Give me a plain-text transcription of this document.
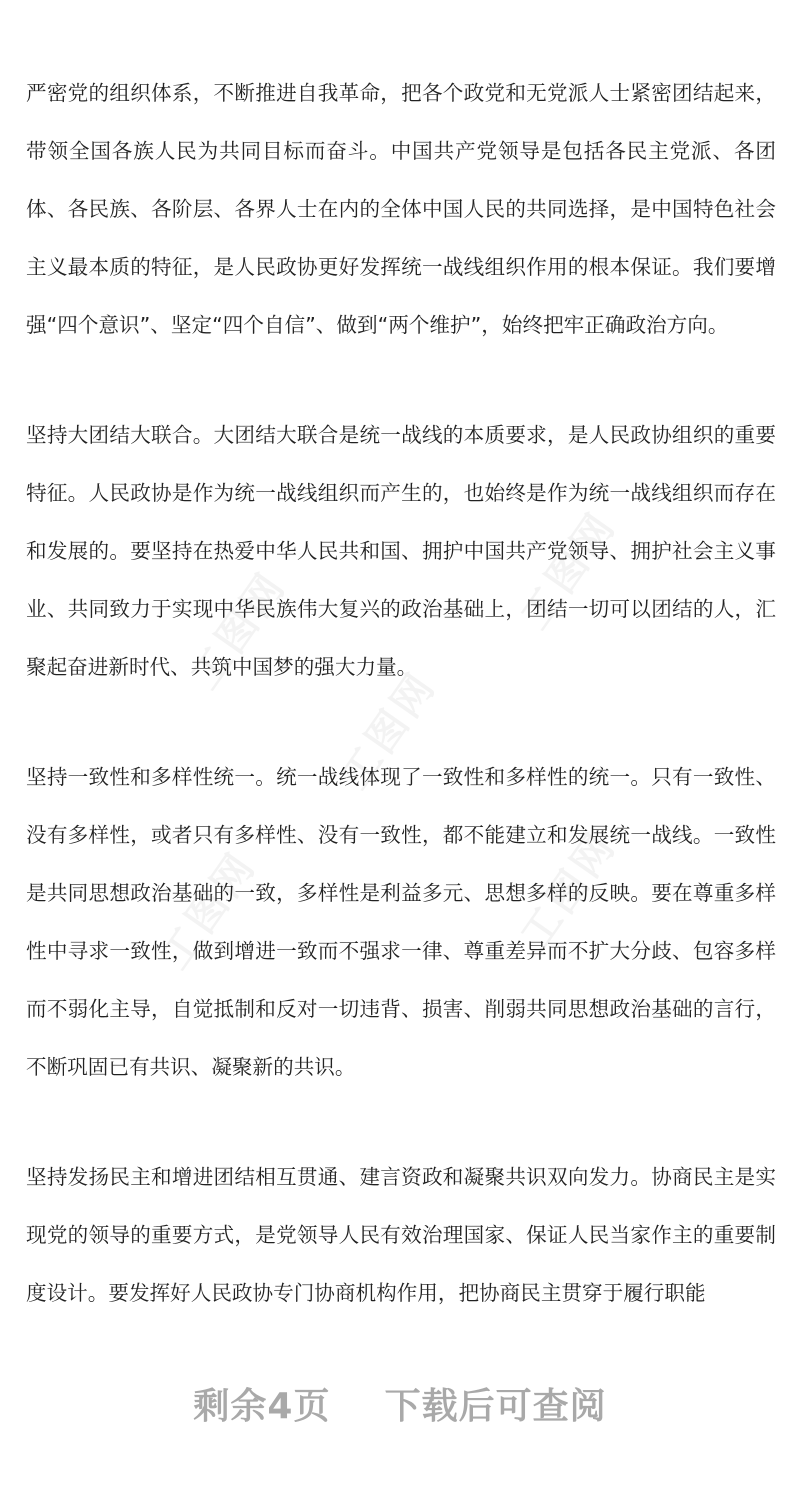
工图网	工图网
工图网
工图网	工图网

严密党的组织体系，不断推进自我革命，把各个政党和无党派人士紧密团结起来，带领全国各族人民为共同目标而奋斗。中国共产党领导是包括各民主党派、各团体、各民族、各阶层、各界人士在内的全体中国人民的共同选择，是中国特色社会主义最本质的特征，是人民政协更好发挥统一战线组织作用的根本保证。我们要增强“四个意识”、坚定“四个自信”、做到“两个维护”，始终把牢正确政治方向。

坚持大团结大联合。大团结大联合是统一战线的本质要求，是人民政协组织的重要特征。人民政协是作为统一战线组织而产生的，也始终是作为统一战线组织而存在和发展的。要坚持在热爱中华人民共和国、拥护中国共产党领导、拥护社会主义事业、共同致力于实现中华民族伟大复兴的政治基础上，团结一切可以团结的人，汇聚起奋进新时代、共筑中国梦的强大力量。

坚持一致性和多样性统一。统一战线体现了一致性和多样性的统一。只有一致性、没有多样性，或者只有多样性、没有一致性，都不能建立和发展统一战线。一致性是共同思想政治基础的一致，多样性是利益多元、思想多样的反映。要在尊重多样性中寻求一致性，做到增进一致而不强求一律、尊重差异而不扩大分歧、包容多样而不弱化主导，自觉抵制和反对一切违背、损害、削弱共同思想政治基础的言行，不断巩固已有共识、凝聚新的共识。

坚持发扬民主和增进团结相互贯通、建言资政和凝聚共识双向发力。协商民主是实现党的领导的重要方式，是党领导人民有效治理国家、保证人民当家作主的重要制度设计。要发挥好人民政协专门协商机构作用，把协商民主贯穿于履行职能

剩余4页    下载后可查阅
